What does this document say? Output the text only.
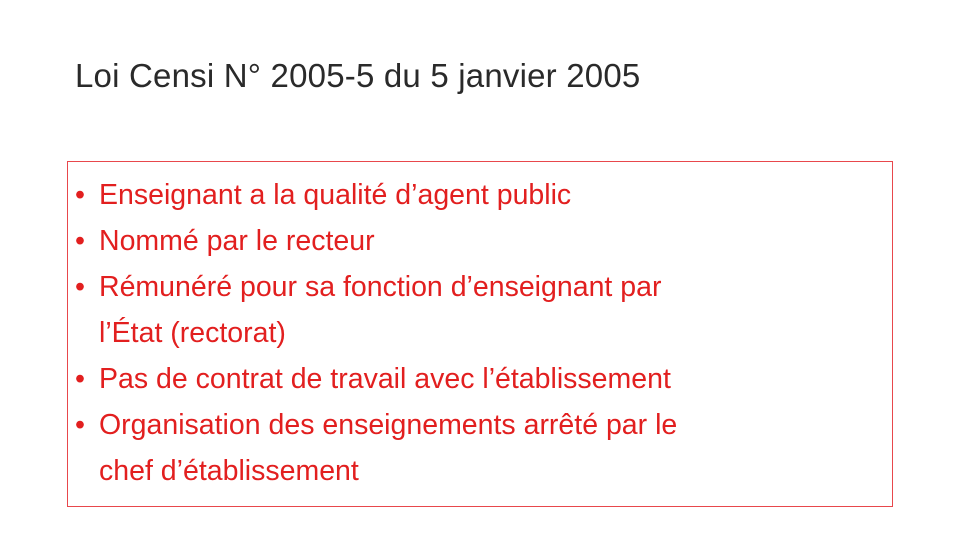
Loi Censi N° 2005-5 du 5 janvier 2005
• Enseignant a la qualité d’agent public
• Nommé par le recteur
• Rémunéré pour sa fonction d’enseignant par
l’État (rectorat)
• Pas de contrat de travail avec l’établissement
• Organisation des enseignements arrêté par le
chef d’établissement
